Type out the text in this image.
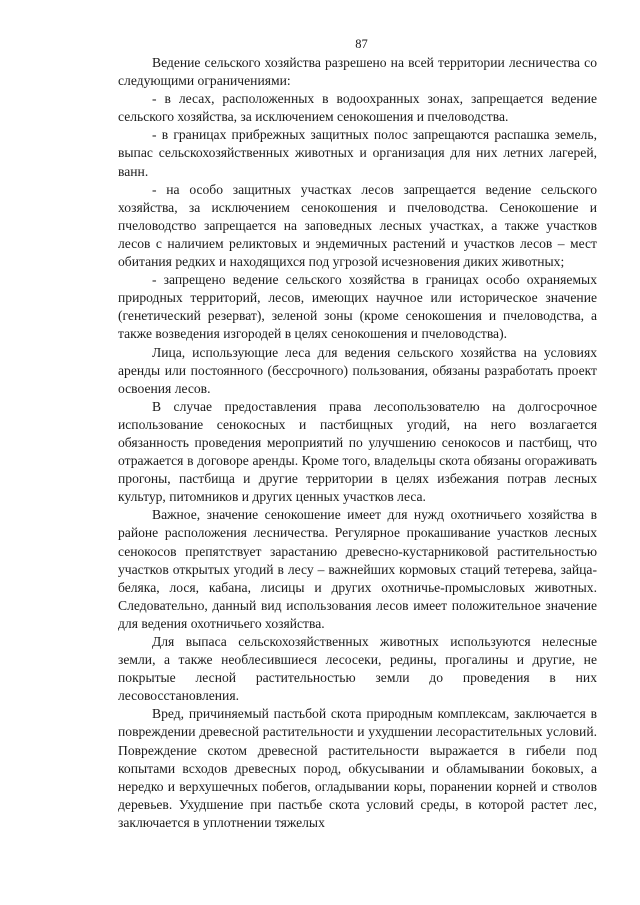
87

Ведение сельского хозяйства разрешено на всей территории лесничества со следующими ограничениями:

- в лесах, расположенных в водоохранных зонах, запрещается ведение сельского хозяйства, за исключением сенокошения и пчеловодства.

- в границах прибрежных защитных полос запрещаются распашка земель, выпас сельскохозяйственных животных и организация для них летних лагерей, ванн.

- на особо защитных участках лесов запрещается ведение сельского хозяйства, за исключением сенокошения и пчеловодства. Сенокошение и пчеловодство запрещается на заповедных лесных участках, а также участков лесов с наличием реликтовых и эндемичных растений и участков лесов – мест обитания редких и находящихся под угрозой исчезновения диких животных;

- запрещено ведение сельского хозяйства в границах особо охраняемых природных территорий, лесов, имеющих научное или историческое значение (генетический резерват), зеленой зоны (кроме сенокошения и пчеловодства, а также возведения изгородей в целях сенокошения и пчеловодства).

Лица, использующие леса для ведения сельского хозяйства на условиях аренды или постоянного (бессрочного) пользования, обязаны разработать проект освоения лесов.

В случае предоставления права лесопользователю на долгосрочное использование сенокосных и пастбищных угодий, на него возлагается обязанность проведения мероприятий по улучшению сенокосов и пастбищ, что отражается в договоре аренды. Кроме того, владельцы скота обязаны огораживать прогоны, пастбища и другие территории в целях избежания потрав лесных культур, питомников и других ценных участков леса.

Важное, значение сенокошение имеет для нужд охотничьего хозяйства в районе расположения лесничества. Регулярное прокашивание участков лесных сенокосов препятствует зарастанию древесно-кустарниковой растительностью участков открытых угодий в лесу – важнейших кормовых стаций тетерева, зайца-беляка, лося, кабана, лисицы и других охотничье-промысловых животных. Следовательно, данный вид использования лесов имеет положительное значение для ведения охотничьего хозяйства.

Для выпаса сельскохозяйственных животных используются нелесные земли, а также необлесившиеся лесосеки, редины, прогалины и другие, не покрытые лесной растительностью земли до проведения в них лесовосстановления.

Вред, причиняемый пастьбой скота природным комплексам, заключается в повреждении древесной растительности и ухудшении лесорастительных условий. Повреждение скотом древесной растительности выражается в гибели под копытами всходов древесных пород, обкусывании и обламывании боковых, а нередко и верхушечных побегов, огладывании коры, поранении корней и стволов деревьев. Ухудшение при пастьбе скота условий среды, в которой растет лес, заключается в уплотнении тяжелых
